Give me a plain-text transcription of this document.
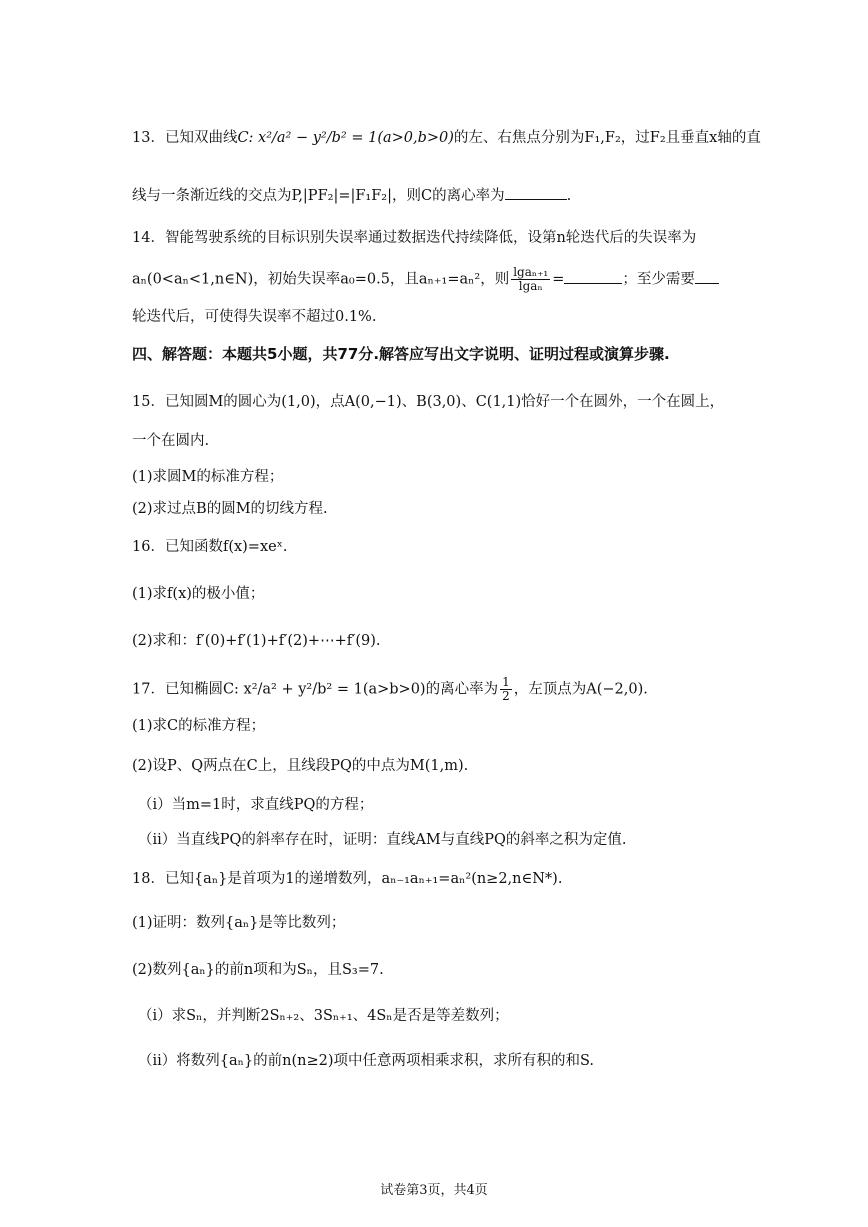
13．已知双曲线C: x²/a² − y²/b² = 1(a>0,b>0)的左、右焦点分别为F₁,F₂，过F₂且垂直x轴的直
线与一条渐近线的交点为P,|PF₂|=|F₁F₂|，则C的离心率为	.
14．智能驾驶系统的目标识别失误率通过数据迭代持续降低，设第n轮迭代后的失误率为
aₙ(0<aₙ<1,n∈N)，初始失误率a₀=0.5，且aₙ₊₁=aₙ²，则 $\frac{\text{lgaₙ₊₁}}{\text{lgaₙ}}$ =	；至少需要
轮迭代后，可使得失误率不超过0.1%.
四、解答题：本题共5小题，共77分.解答应写出文字说明、证明过程或演算步骤.
15．已知圆M的圆心为(1,0)，点A(0,−1)、B(3,0)、C(1,1)恰好一个在圆外，一个在圆上，
一个在圆内.
(1)求圆M的标准方程；
(2)求过点B的圆M的切线方程.
16．已知函数f(x)=xeˣ.
(1)求f(x)的极小值；
(2)求和：f′(0)+f′(1)+f′(2)+⋯+f′(9).
17．已知椭圆C: x²/a² + y²/b² = 1(a>b>0)的离心率为 $\frac{1}{2}$ ，左顶点为A(−2,0).
(1)求C的标准方程；
(2)设P、Q两点在C上，且线段PQ的中点为M(1,m).
（i）当m=1时，求直线PQ的方程；
（ii）当直线PQ的斜率存在时，证明：直线AM与直线PQ的斜率之积为定值.
18．已知{aₙ}是首项为1的递增数列，aₙ₋₁aₙ₊₁=aₙ²(n≥2,n∈N*).
(1)证明：数列{aₙ}是等比数列；
(2)数列{aₙ}的前n项和为Sₙ，且S₃=7.
（i）求Sₙ，并判断2Sₙ₊₂、3Sₙ₊₁、4Sₙ是否是等差数列；
（ii）将数列{aₙ}的前n(n≥2)项中任意两项相乘求积，求所有积的和S.
试卷第3页，共4页
